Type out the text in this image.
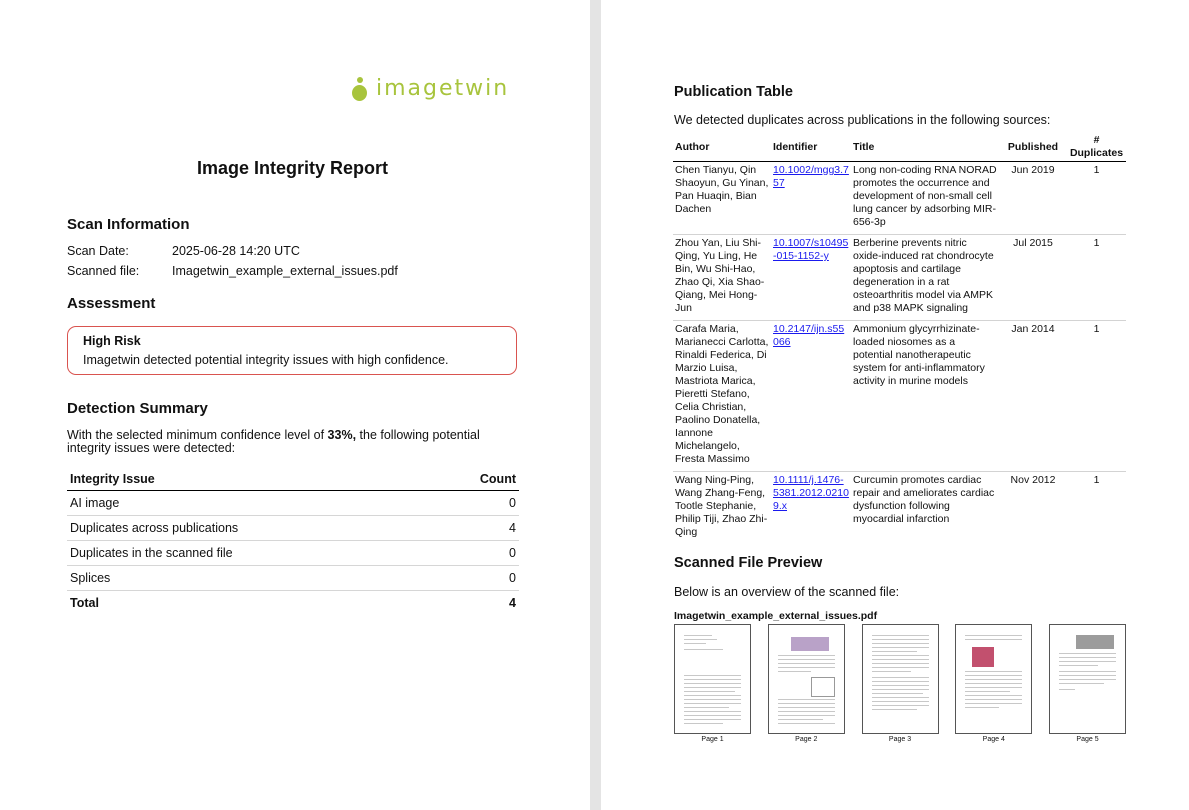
imagetwin
Image Integrity Report
Scan Information
Scan Date:	2025-06-28 14:20 UTC
Scanned file:	Imagetwin_example_external_issues.pdf
Assessment
High Risk
Imagetwin detected potential integrity issues with high confidence.
Detection Summary
With the selected minimum confidence level of 33%, the following potential integrity issues were detected:
Integrity Issue	Count
AI image	0
Duplicates across publications	4
Duplicates in the scanned file	0
Splices	0
Total	4
Publication Table
We detected duplicates across publications in the following sources:
Author	Identifier	Title	Published	# Duplicates
Chen Tianyu, Qin Shaoyun, Gu Yinan, Pan Huaqin, Bian Dachen	10.1002/mgg3.757	Long non-coding RNA NORAD promotes the occurrence and development of non-small cell lung cancer by adsorbing MIR-656-3p	Jun 2019	1
Zhou Yan, Liu Shi-Qing, Yu Ling, He Bin, Wu Shi-Hao, Zhao Qi, Xia Shao-Qiang, Mei Hong-Jun	10.1007/s10495-015-1152-y	Berberine prevents nitric oxide-induced rat chondrocyte apoptosis and cartilage degeneration in a rat osteoarthritis model via AMPK and p38 MAPK signaling	Jul 2015	1
Carafa Maria, Marianecci Carlotta, Rinaldi Federica, Di Marzio Luisa, Mastriota Marica, Pieretti Stefano, Celia Christian, Paolino Donatella, Iannone Michelangelo, Fresta Massimo	10.2147/ijn.s55066	Ammonium glycyrrhizinate-loaded niosomes as a potential nanotherapeutic system for anti-inflammatory activity in murine models	Jan 2014	1
Wang Ning-Ping, Wang Zhang-Feng, Tootle Stephanie, Philip Tiji, Zhao Zhi-Qing	10.1111/j.1476-5381.2012.02109.x	Curcumin promotes cardiac repair and ameliorates cardiac dysfunction following myocardial infarction	Nov 2012	1
Scanned File Preview
Below is an overview of the scanned file:
Imagetwin_example_external_issues.pdf
Page 1	Page 2	Page 3	Page 4	Page 5
